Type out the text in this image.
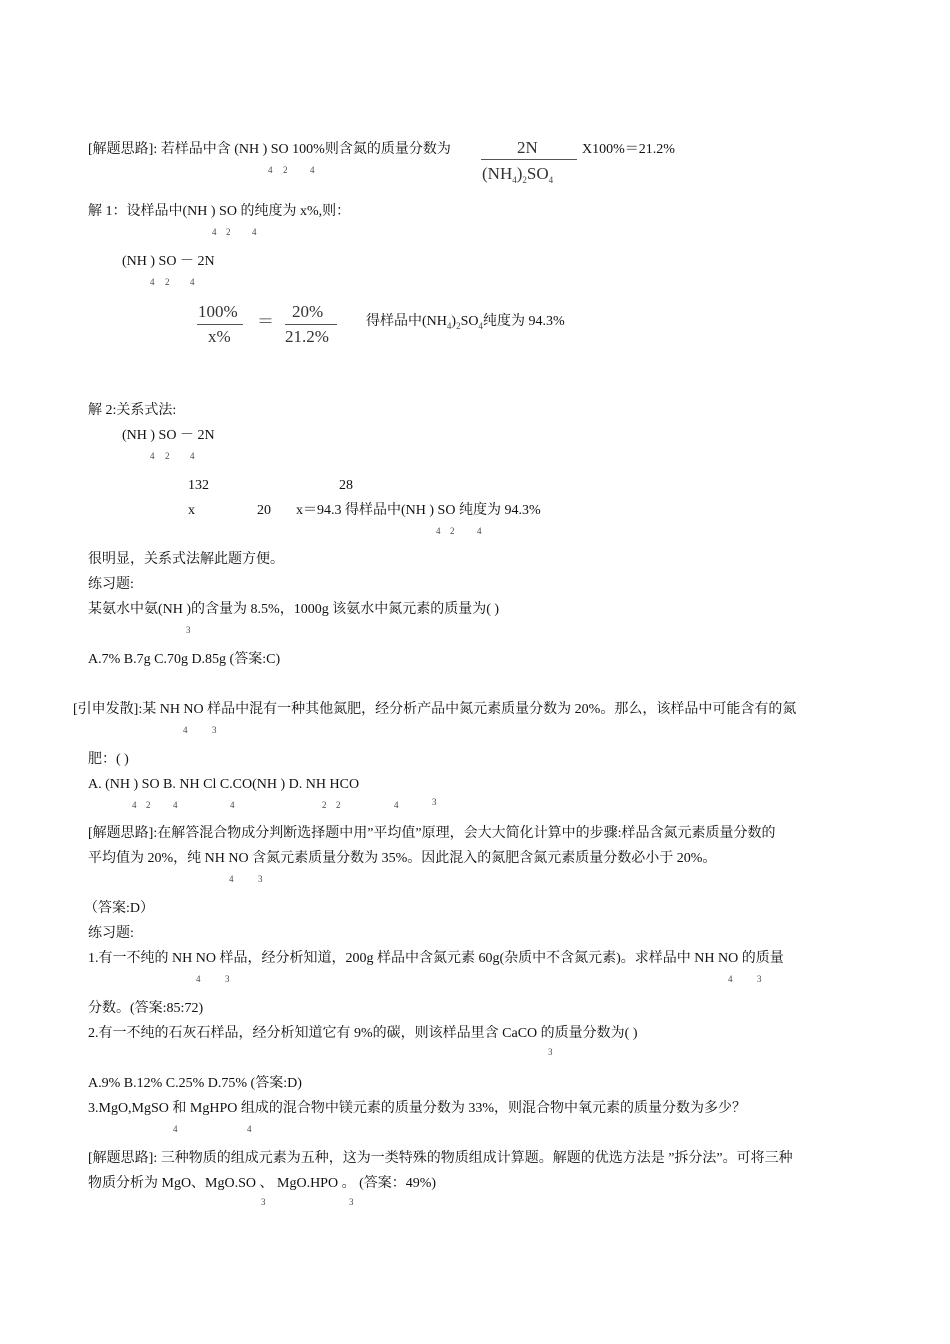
[解题思路]: 若样品中含 (NH ) SO 100%则含氮的质量分数为
4 2	4
2N
$(NH_4)_2SO_4$
X100%＝21.2%
解 1：设样品中(NH ) SO 的纯度为 x%,则：
4 2 4
(NH ) SO － 2N
4 2 4
100%
x%
＝
20%
21.2%
得样品中$(NH_4)_2SO_4$纯度为 94.3%
解 2:关系式法:
(NH ) SO － 2N
4 2 4
132	28
x	20 x＝94.3 得样品中(NH ) SO 纯度为 94.3%
4 2	4
很明显，关系式法解此题方便。
练习题:
某氨水中氨(NH )的含量为 8.5%，1000g 该氨水中氮元素的质量为( )
3
A.7% B.7g C.70g D.85g (答案:C)
[引申发散]:某 NH NO 样品中混有一种其他氮肥，经分析产品中氮元素质量分数为 20%。那么，该样品中可能含有的氮
4	3
肥：( )
A. (NH ) SO B. NH Cl C.CO(NH ) D. NH HCO
4 2	4	4	2 2	4	3
[解题思路]:在解答混合物成分判断选择题中用”平均值”原理，会大大简化计算中的步骤:样品含氮元素质量分数的
平均值为 20%，纯 NH NO 含氮元素质量分数为 35%。因此混入的氮肥含氮元素质量分数必小于 20%。
4	3
（答案:D）
练习题:
1.有一不纯的 NH NO 样品，经分析知道，200g 样品中含氮元素 60g(杂质中不含氮元素)。求样品中 NH NO 的质量
4	3	4	3
分数。(答案:85:72)
2.有一不纯的石灰石样品，经分析知道它有 9%的碳，则该样品里含 CaCO 的质量分数为( )
3
A.9% B.12% C.25% D.75% (答案:D)
3.MgO,MgSO 和 MgHPO 组成的混合物中镁元素的质量分数为 33%，则混合物中氧元素的质量分数为多少？
4	4
[解题思路]: 三种物质的组成元素为五种，这为一类特殊的物质组成计算题。解题的优选方法是 ”拆分法”。可将三种
物质分析为 MgO、MgO.SO 、 MgO.HPO 。 (答案：49%)
3	3
